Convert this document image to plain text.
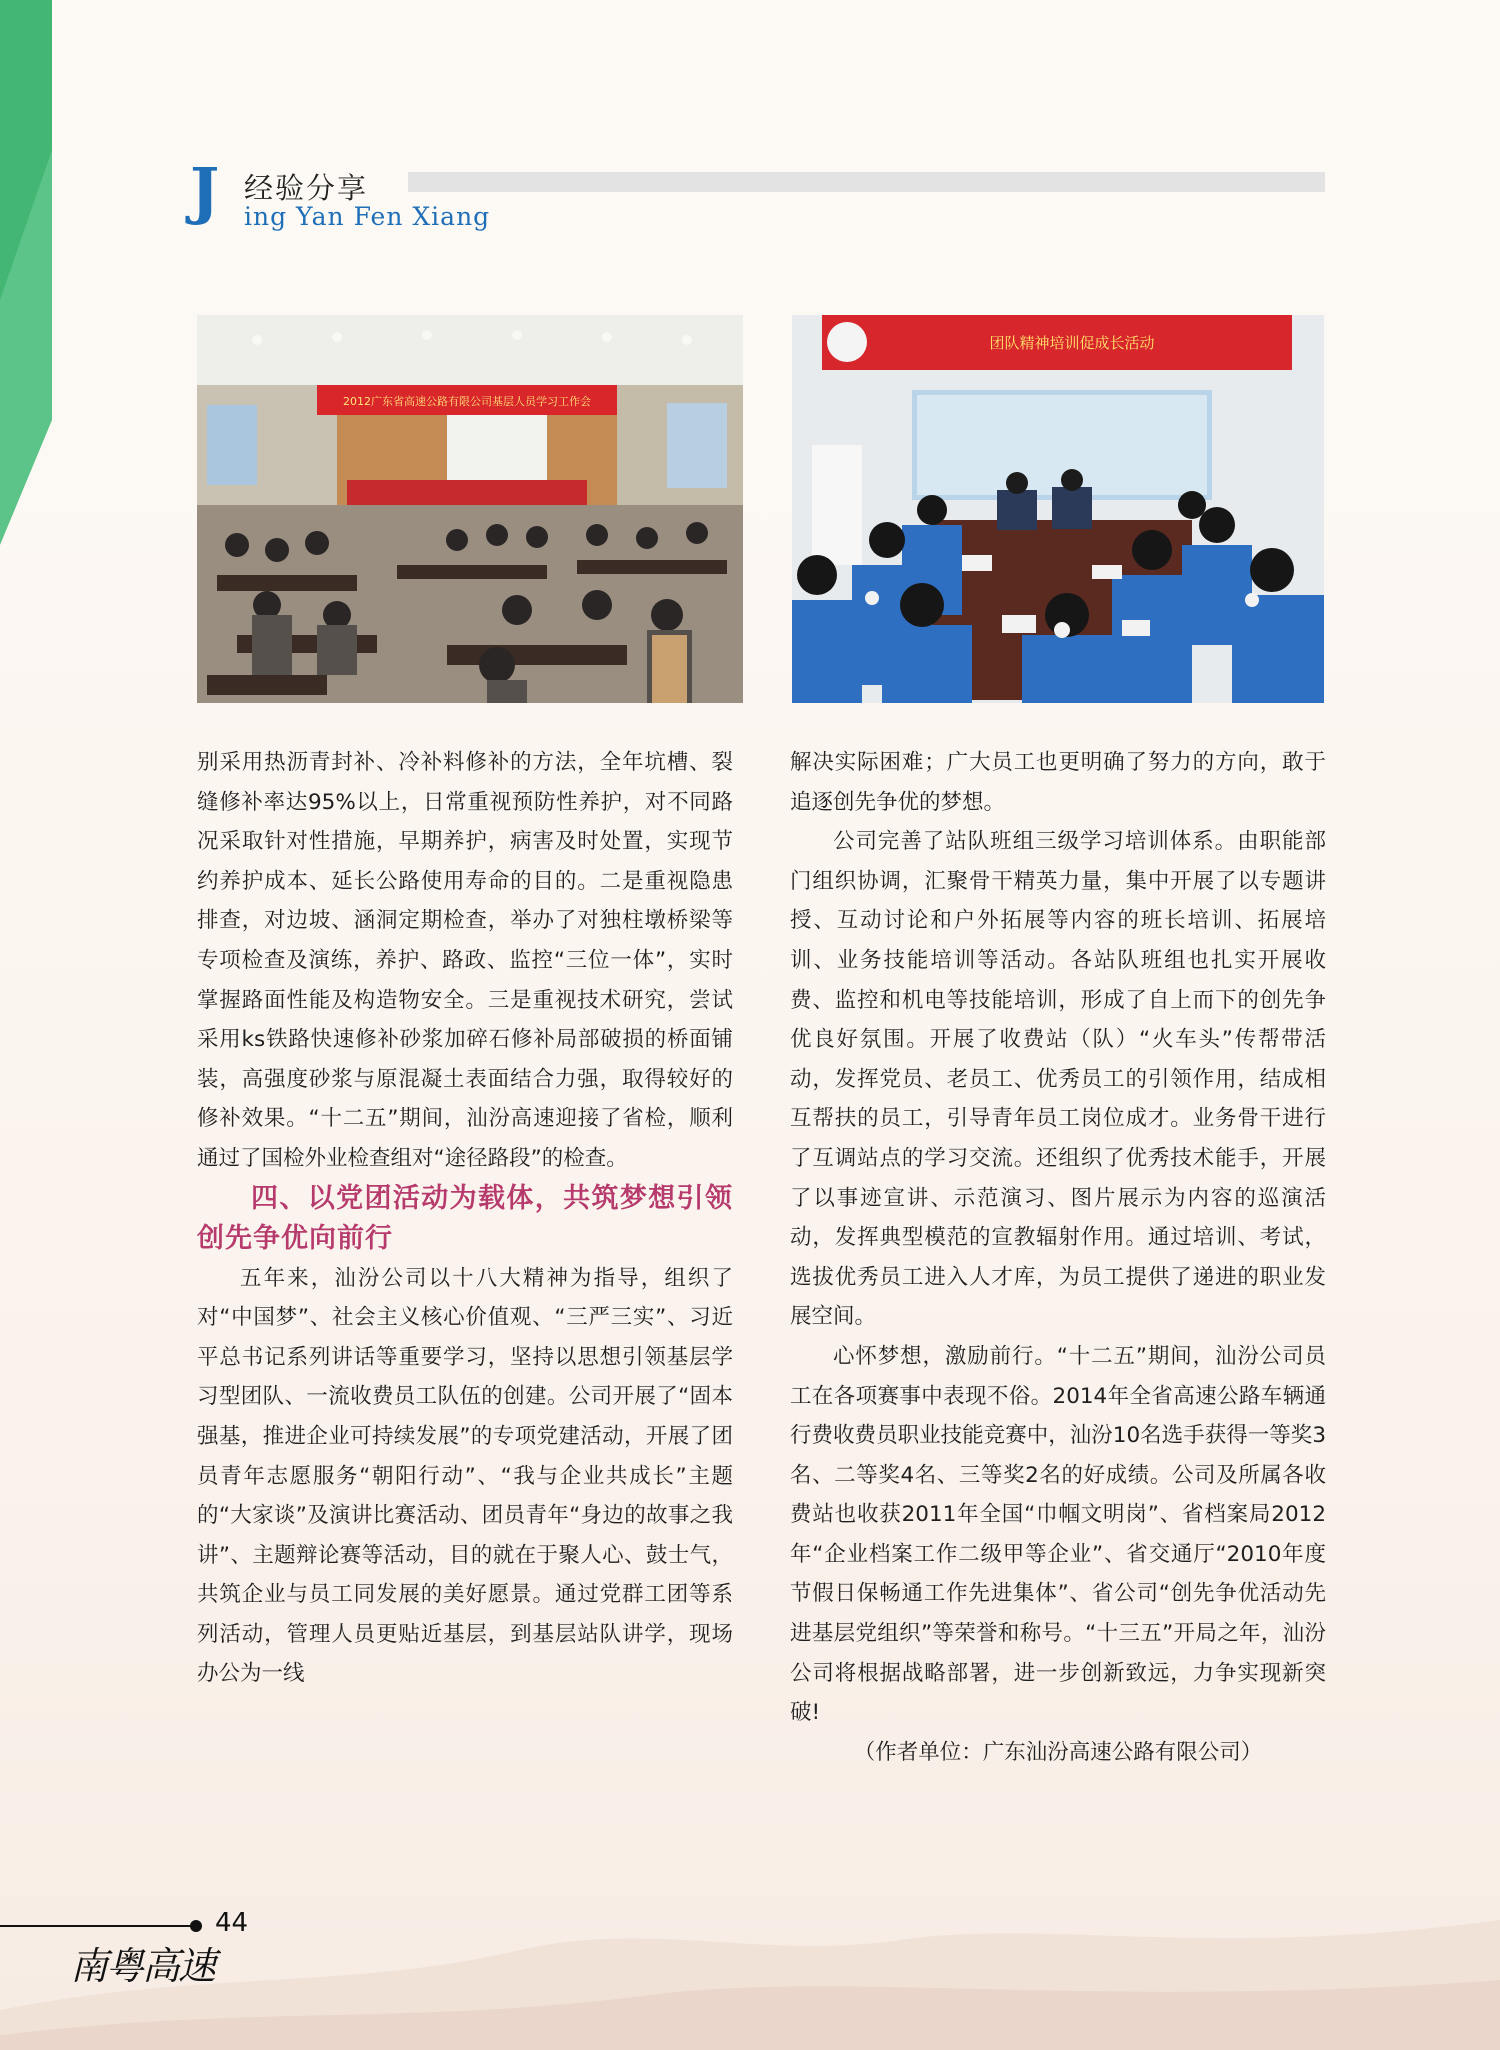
J 经验分享
ing Yan Fen Xiang
2012广东省高速公路有限公司基层人员学习工作会
团队精神培训促成长活动

别采用热沥青封补、冷补料修补的方法，全年坑槽、裂缝修补率达95%以上，日常重视预防性养护，对不同路况采取针对性措施，早期养护，病害及时处置，实现节约养护成本、延长公路使用寿命的目的。二是重视隐患排查，对边坡、涵洞定期检查，举办了对独柱墩桥梁等专项检查及演练，养护、路政、监控“三位一体”，实时掌握路面性能及构造物安全。三是重视技术研究，尝试采用ks铁路快速修补砂浆加碎石修补局部破损的桥面铺装，高强度砂浆与原混凝土表面结合力强，取得较好的修补效果。“十二五”期间，汕汾高速迎接了省检，顺利通过了国检外业检查组对“途径路段”的检查。

四、以党团活动为载体，共筑梦想引领创先争优向前行

五年来，汕汾公司以十八大精神为指导，组织了对“中国梦”、社会主义核心价值观、“三严三实”、习近平总书记系列讲话等重要学习，坚持以思想引领基层学习型团队、一流收费员工队伍的创建。公司开展了“固本强基，推进企业可持续发展”的专项党建活动，开展了团员青年志愿服务“朝阳行动”、“我与企业共成长”主题的“大家谈”及演讲比赛活动、团员青年“身边的故事之我讲”、主题辩论赛等活动，目的就在于聚人心、鼓士气，共筑企业与员工同发展的美好愿景。通过党群工团等系列活动，管理人员更贴近基层，到基层站队讲学，现场办公为一线

解决实际困难；广大员工也更明确了努力的方向，敢于追逐创先争优的梦想。

公司完善了站队班组三级学习培训体系。由职能部门组织协调，汇聚骨干精英力量，集中开展了以专题讲授、互动讨论和户外拓展等内容的班长培训、拓展培训、业务技能培训等活动。各站队班组也扎实开展收费、监控和机电等技能培训，形成了自上而下的创先争优良好氛围。开展了收费站（队）“火车头”传帮带活动，发挥党员、老员工、优秀员工的引领作用，结成相互帮扶的员工，引导青年员工岗位成才。业务骨干进行了互调站点的学习交流。还组织了优秀技术能手，开展了以事迹宣讲、示范演习、图片展示为内容的巡演活动，发挥典型模范的宣教辐射作用。通过培训、考试，选拔优秀员工进入人才库，为员工提供了递进的职业发展空间。

心怀梦想，激励前行。“十二五”期间，汕汾公司员工在各项赛事中表现不俗。2014年全省高速公路车辆通行费收费员职业技能竞赛中，汕汾10名选手获得一等奖3名、二等奖4名、三等奖2名的好成绩。公司及所属各收费站也收获2011年全国“巾帼文明岗”、省档案局2012年“企业档案工作二级甲等企业”、省交通厅“2010年度节假日保畅通工作先进集体”、省公司“创先争优活动先进基层党组织”等荣誉和称号。“十三五”开局之年，汕汾公司将根据战略部署，进一步创新致远，力争实现新突破!

（作者单位：广东汕汾高速公路有限公司）

44
南粤高速
